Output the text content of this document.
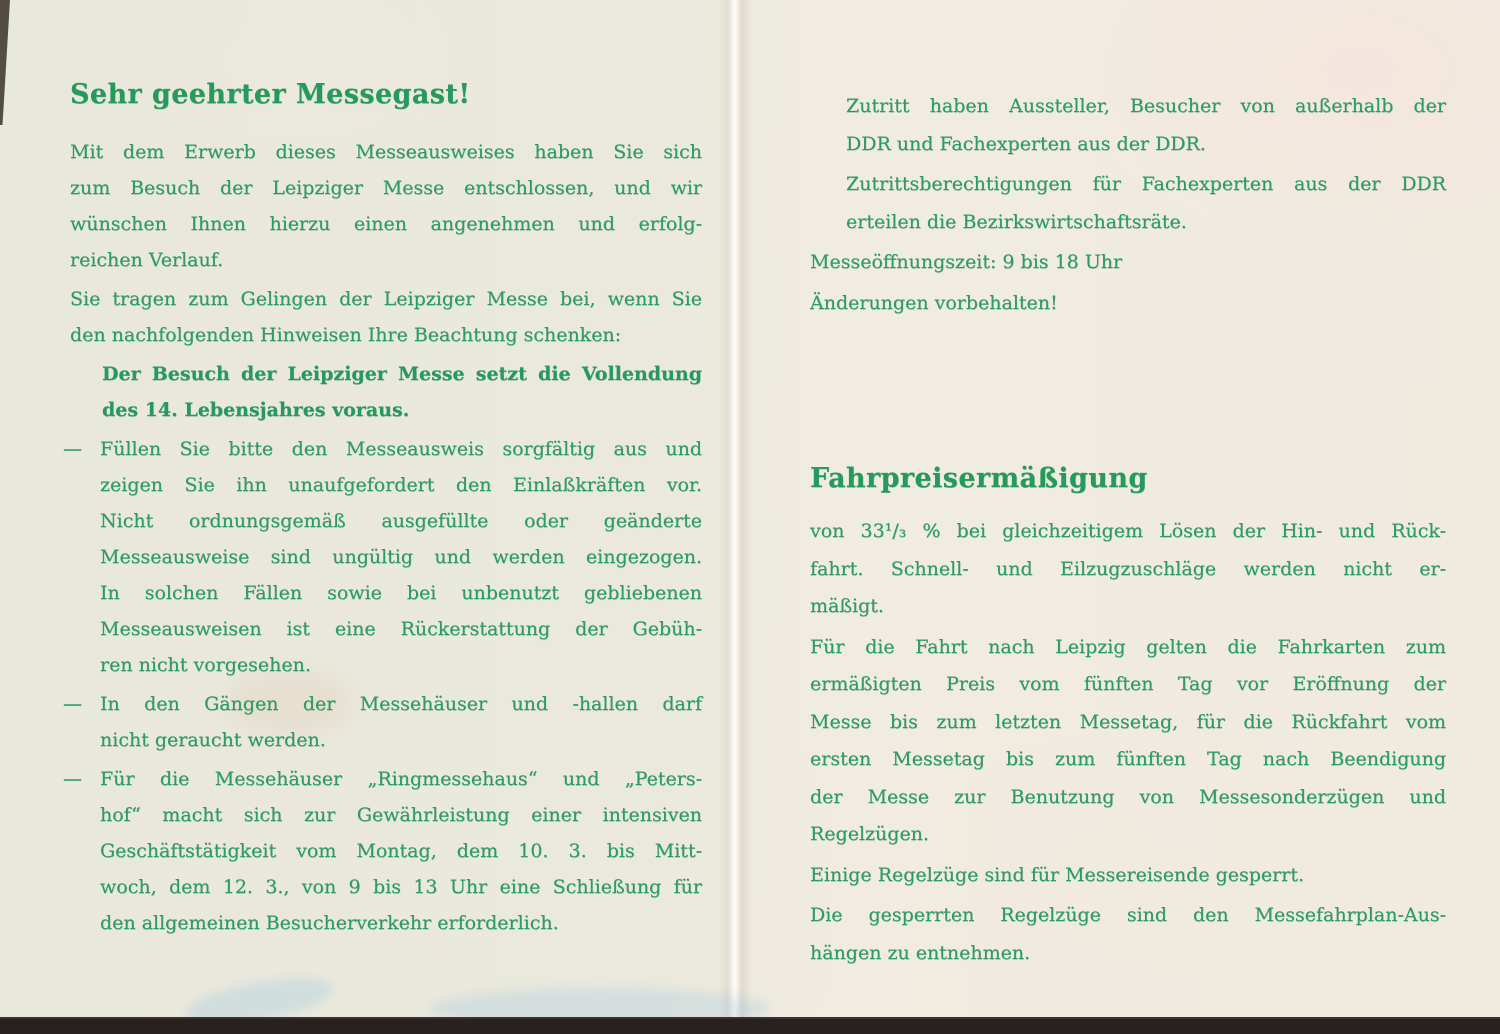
Sehr geehrter Messegast!
Mit dem Erwerb dieses Messeausweises haben Sie sich
zum Besuch der Leipziger Messe entschlossen, und wir
wünschen Ihnen hierzu einen angenehmen und erfolg-
reichen Verlauf.
Sie tragen zum Gelingen der Leipziger Messe bei, wenn Sie
den nachfolgenden Hinweisen Ihre Beachtung schenken:
Der Besuch der Leipziger Messe setzt die Vollendung
des 14. Lebensjahres voraus.
— Füllen Sie bitte den Messeausweis sorgfältig aus und
zeigen Sie ihn unaufgefordert den Einlaßkräften vor.
Nicht ordnungsgemäß ausgefüllte oder geänderte
Messeausweise sind ungültig und werden eingezogen.
In solchen Fällen sowie bei unbenutzt gebliebenen
Messeausweisen ist eine Rückerstattung der Gebüh-
ren nicht vorgesehen.
— In den Gängen der Messehäuser und -hallen darf
nicht geraucht werden.
— Für die Messehäuser „Ringmessehaus“ und „Peters-
hof“ macht sich zur Gewährleistung einer intensiven
Geschäftstätigkeit vom Montag, dem 10. 3. bis Mitt-
woch, dem 12. 3., von 9 bis 13 Uhr eine Schließung für
den allgemeinen Besucherverkehr erforderlich.
Zutritt haben Aussteller, Besucher von außerhalb der
DDR und Fachexperten aus der DDR.
Zutrittsberechtigungen für Fachexperten aus der DDR
erteilen die Bezirkswirtschaftsräte.
Messeöffnungszeit: 9 bis 18 Uhr
Änderungen vorbehalten!
Fahrpreisermäßigung
von 33¹/₃ % bei gleichzeitigem Lösen der Hin- und Rück-
fahrt. Schnell- und Eilzugzuschläge werden nicht er-
mäßigt.
Für die Fahrt nach Leipzig gelten die Fahrkarten zum
ermäßigten Preis vom fünften Tag vor Eröffnung der
Messe bis zum letzten Messetag, für die Rückfahrt vom
ersten Messetag bis zum fünften Tag nach Beendigung
der Messe zur Benutzung von Messesonderzügen und
Regelzügen.
Einige Regelzüge sind für Messereisende gesperrt.
Die gesperrten Regelzüge sind den Messefahrplan-Aus-
hängen zu entnehmen.
